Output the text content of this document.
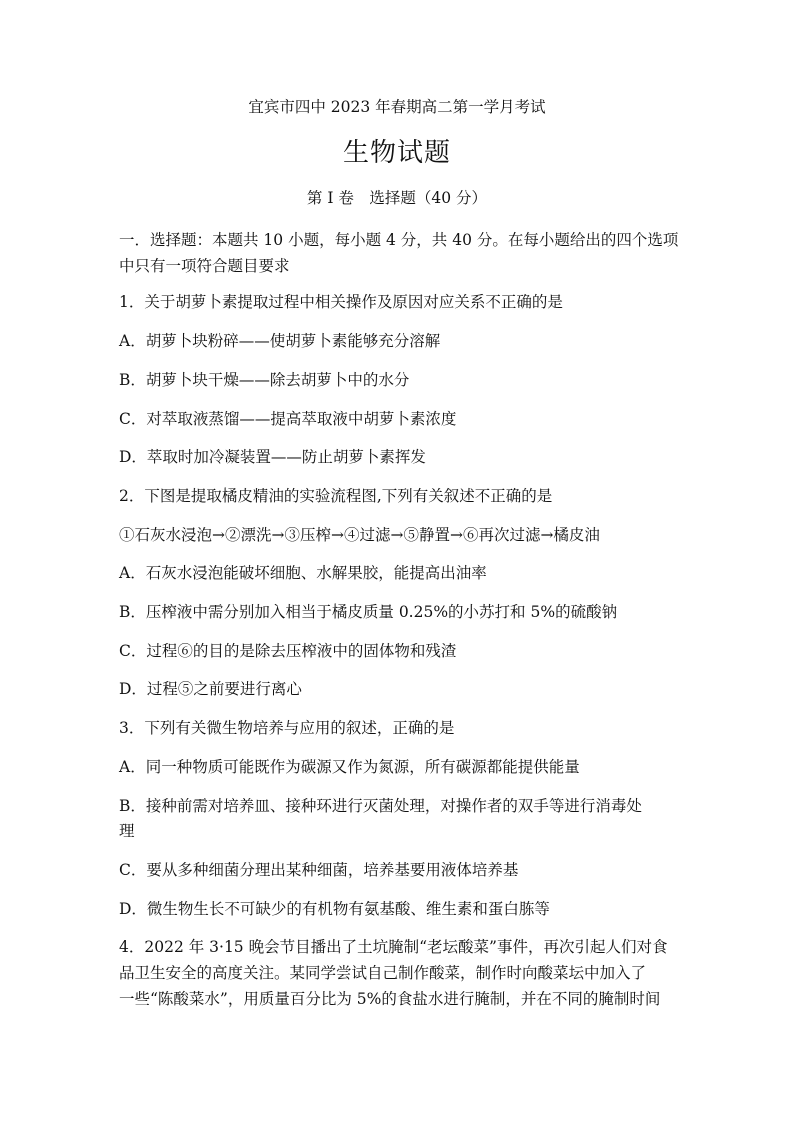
宜宾市四中 2023 年春期高二第一学月考试
生物试题
第 I 卷　选择题（40 分）
一．选择题：本题共 10 小题，每小题 4 分，共 40 分。在每小题给出的四个选项
中只有一项符合题目要求
1．关于胡萝卜素提取过程中相关操作及原因对应关系不正确的是
A．胡萝卜块粉碎——使胡萝卜素能够充分溶解
B．胡萝卜块干燥——除去胡萝卜中的水分
C．对萃取液蒸馏——提高萃取液中胡萝卜素浓度
D．萃取时加冷凝装置——防止胡萝卜素挥发
2．下图是提取橘皮精油的实验流程图,下列有关叙述不正确的是
①石灰水浸泡→②漂洗→③压榨→④过滤→⑤静置→⑥再次过滤→橘皮油
A．石灰水浸泡能破坏细胞、水解果胶，能提高出油率
B．压榨液中需分别加入相当于橘皮质量 0.25%的小苏打和 5%的硫酸钠
C．过程⑥的目的是除去压榨液中的固体物和残渣
D．过程⑤之前要进行离心
3．下列有关微生物培养与应用的叙述，正确的是
A．同一种物质可能既作为碳源又作为氮源，所有碳源都能提供能量
B．接种前需对培养皿、接种环进行灭菌处理，对操作者的双手等进行消毒处
理
C．要从多种细菌分理出某种细菌，培养基要用液体培养基
D．微生物生长不可缺少的有机物有氨基酸、维生素和蛋白胨等
4．2022 年 3·15 晚会节目播出了土坑腌制“老坛酸菜”事件，再次引起人们对食
品卫生安全的高度关注。某同学尝试自己制作酸菜，制作时向酸菜坛中加入了
一些“陈酸菜水”，用质量百分比为 5%的食盐水进行腌制，并在不同的腌制时间
